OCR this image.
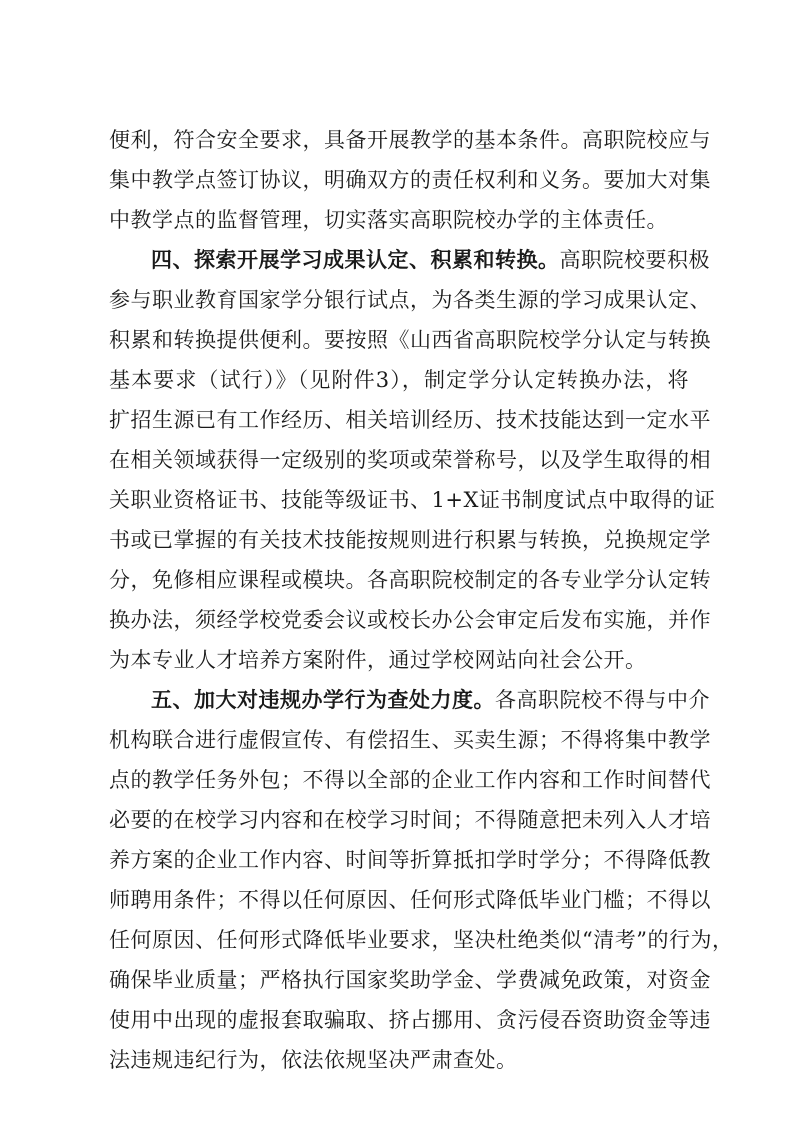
便利，符合安全要求，具备开展教学的基本条件。高职院校应与
集中教学点签订协议，明确双方的责任权利和义务。要加大对集
中教学点的监督管理，切实落实高职院校办学的主体责任。
四、探索开展学习成果认定、积累和转换。高职院校要积极
参与职业教育国家学分银行试点，为各类生源的学习成果认定、
积累和转换提供便利。要按照《山西省高职院校学分认定与转换
基本要求（试行）》（见附件3），制定学分认定转换办法，将
扩招生源已有工作经历、相关培训经历、技术技能达到一定水平
在相关领域获得一定级别的奖项或荣誉称号，以及学生取得的相
关职业资格证书、技能等级证书、1+X证书制度试点中取得的证
书或已掌握的有关技术技能按规则进行积累与转换，兑换规定学
分，免修相应课程或模块。各高职院校制定的各专业学分认定转
换办法，须经学校党委会议或校长办公会审定后发布实施，并作
为本专业人才培养方案附件，通过学校网站向社会公开。
五、加大对违规办学行为查处力度。各高职院校不得与中介
机构联合进行虚假宣传、有偿招生、买卖生源；不得将集中教学
点的教学任务外包；不得以全部的企业工作内容和工作时间替代
必要的在校学习内容和在校学习时间；不得随意把未列入人才培
养方案的企业工作内容、时间等折算抵扣学时学分；不得降低教
师聘用条件；不得以任何原因、任何形式降低毕业门槛；不得以
任何原因、任何形式降低毕业要求，坚决杜绝类似“清考”的行为，
确保毕业质量；严格执行国家奖助学金、学费减免政策，对资金
使用中出现的虚报套取骗取、挤占挪用、贪污侵吞资助资金等违
法违规违纪行为，依法依规坚决严肃查处。
